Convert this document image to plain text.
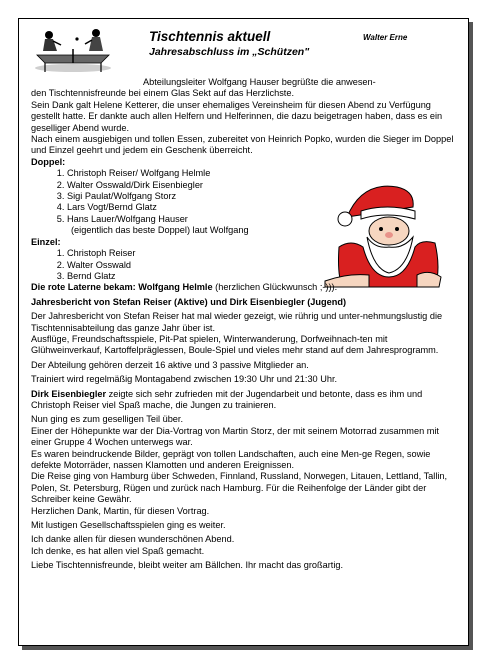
Tischtennis aktuell	Walter Erne
Jahresabschluss im „Schützen"

Abteilungsleiter Wolfgang Hauser begrüßte die anwesen-

den Tischtennisfreunde bei einem Glas Sekt auf das Herzlichste.

Sein Dank galt Helene Ketterer, die unser ehemaliges Vereinsheim für diesen Abend zu Verfügung gestellt hatte. Er dankte auch allen Helfern und Helferinnen, die dazu beigetragen haben, dass es ein geselliger Abend wurde.

Nach einem ausgiebigen und tollen Essen, zubereitet von Heinrich Popko, wurden die Sieger im Doppel und Einzel geehrt und jedem ein Geschenk überreicht.

Doppel:

1. Christoph Reiser/ Wolfgang Helmle
2. Walter Osswald/Dirk Eisenbiegler
3. Sigi Paulat/Wolfgang Storz
4. Lars Vogt/Bernd Glatz
5. Hans Lauer/Wolfgang Hauser

(eigentlich das beste Doppel) laut Wolfgang

Einzel:

1. Christoph Reiser
2. Walter Osswald
3. Bernd Glatz

Die rote Laterne bekam: Wolfgang Helmle (herzlichen Glückwunsch ;-))).

Jahresbericht von Stefan Reiser (Aktive) und Dirk Eisenbiegler (Jugend)

Der Jahresbericht von Stefan Reiser hat mal wieder gezeigt, wie rührig und unter-nehmungslustig die Tischtennisabteilung das ganze Jahr über ist.

Ausflüge, Freundschaftsspiele, Pit-Pat spielen, Winterwanderung, Dorfweihnach-ten mit Glühweinverkauf, Kartoffelpräglessen, Boule-Spiel und vieles mehr stand auf dem Jahresprogramm.

Der Abteilung gehören derzeit 16 aktive und 3 passive Mitglieder an.

Trainiert wird regelmäßig Montagabend zwischen 19:30 Uhr und 21:30 Uhr.

Dirk Eisenbiegler zeigte sich sehr zufrieden mit der Jugendarbeit und betonte, dass es ihm und Christoph Reiser viel Spaß mache, die Jungen zu trainieren.

Nun ging es zum geselligen Teil über.

Einer der Höhepunkte war der Dia-Vortrag von Martin Storz, der mit seinem Motorrad zusammen mit einer Gruppe 4 Wochen unterwegs war.

Es waren beindruckende Bilder, geprägt von tollen Landschaften, auch eine Men-ge Regen, sowie defekte Motorräder, nassen Klamotten und anderen Ereignissen.

Die Reise ging von Hamburg über Schweden, Finnland, Russland, Norwegen, Litauen, Lettland, Tallin, Polen, St. Petersburg, Rügen und zurück nach Hamburg. Für die Reihenfolge der Länder gibt der Schreiber keine Gewähr.

Herzlichen Dank, Martin, für diesen Vortrag.

Mit lustigen Gesellschaftsspielen ging es weiter.

Ich danke allen für diesen wunderschönen Abend.

Ich denke, es hat allen viel Spaß gemacht.

Liebe Tischtennisfreunde, bleibt weiter am Bällchen. Ihr macht das großartig.
